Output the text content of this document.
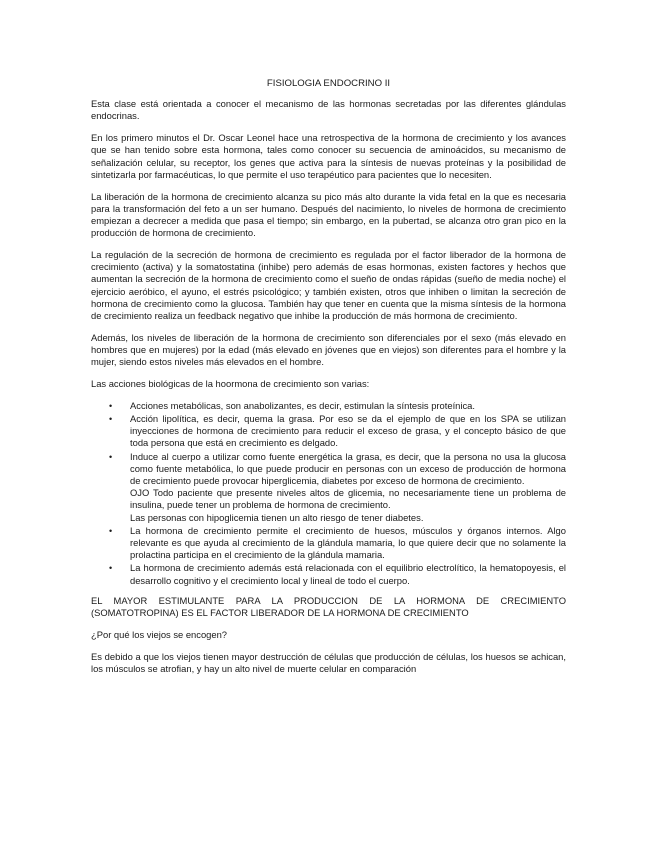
FISIOLOGIA ENDOCRINO II

Esta clase está orientada a conocer el mecanismo de las hormonas secretadas por las diferentes glándulas endocrinas.

En los primero minutos el Dr. Oscar Leonel hace una retrospectiva de la hormona de crecimiento y los avances que se han tenido sobre esta hormona, tales como conocer su secuencia de aminoácidos, su mecanismo de señalización celular, su receptor, los genes que activa para la síntesis de nuevas proteínas y la posibilidad de sintetizarla por farmacéuticas, lo que permite el uso terapéutico para pacientes que lo necesiten.

La liberación de la hormona de crecimiento alcanza su pico más alto durante la vida fetal en la que es necesaria para la transformación del feto a un ser humano. Después del nacimiento, lo niveles de hormona de crecimiento empiezan a decrecer a medida que pasa el tiempo; sin embargo, en la pubertad, se alcanza otro gran pico en la producción de hormona de crecimiento.

La regulación de la secreción de hormona de crecimiento es regulada por el factor liberador de la hormona de crecimiento (activa) y la somatostatina (inhibe) pero además de esas hormonas, existen factores y hechos que aumentan la secreción de la hormona de crecimiento como el sueño de ondas rápidas (sueño de media noche) el ejercicio aeróbico, el ayuno, el estrés psicológico; y también existen, otros que inhiben o limitan la secreción de hormona de crecimiento como la glucosa. También hay que tener en cuenta que la misma síntesis de la hormona de crecimiento realiza un feedback negativo que inhibe la producción de más hormona de crecimiento.

Además, los niveles de liberación de la hormona de crecimiento son diferenciales por el sexo (más elevado en hombres que en mujeres) por la edad (más elevado en jóvenes que en viejos) son diferentes para el hombre y la mujer, siendo estos niveles más elevados en el hombre.

Las acciones biológicas de la hoormona de crecimiento son varias:

• Acciones metabólicas, son anabolizantes, es decir, estimulan la síntesis proteínica.
• Acción lipolítica, es decir, quema la grasa. Por eso se da el ejemplo de que en los SPA se utilizan inyecciones de hormona de crecimiento para reducir el exceso de grasa, y el concepto básico de que toda persona que está en crecimiento es delgado.
• Induce al cuerpo a utilizar como fuente energética la grasa, es decir, que la persona no usa la glucosa como fuente metabólica, lo que puede producir en personas con un exceso de producción de hormona de crecimiento puede provocar hiperglicemia, diabetes por exceso de hormona de crecimiento.
OJO Todo paciente que presente niveles altos de glicemia, no necesariamente tiene un problema de insulina, puede tener un problema de hormona de crecimiento.
Las personas con hipoglicemia tienen un alto riesgo de tener diabetes.
• La hormona de crecimiento permite el crecimiento de huesos, músculos y órganos internos. Algo relevante es que ayuda al crecimiento de la glándula mamaria, lo que quiere decir que no solamente la prolactina participa en el crecimiento de la glándula mamaria.
• La hormona de crecimiento además está relacionada con el equilibrio electrolítico, la hematopoyesis, el desarrollo cognitivo y el crecimiento local y lineal de todo el cuerpo.
EL MAYOR ESTIMULANTE PARA LA PRODUCCION DE LA HORMONA DE CRECIMIENTO (SOMATOTROPINA) ES EL FACTOR LIBERADOR DE LA HORMONA DE CRECIMIENTO

¿Por qué los viejos se encogen?

Es debido a que los viejos tienen mayor destrucción de células que producción de células, los huesos se achican, los músculos se atrofian, y hay un alto nivel de muerte celular en comparación
